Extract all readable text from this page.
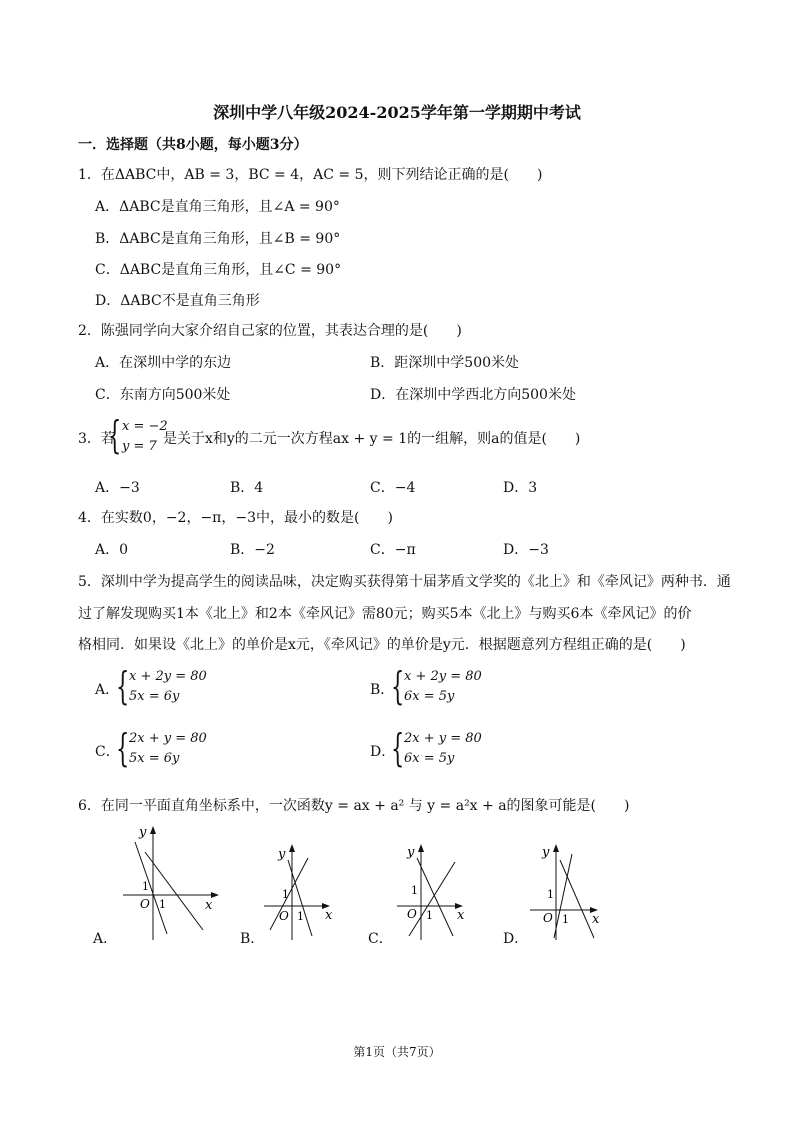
深圳中学八年级2024-2025学年第一学期期中考试
一．选择题（共8小题，每小题3分）
1．在ΔABC中，AB = 3，BC = 4，AC = 5，则下列结论正确的是(　　)
A．ΔABC是直角三角形，且∠A = 90°
B．ΔABC是直角三角形，且∠B = 90°
C．ΔABC是直角三角形，且∠C = 90°
D．ΔABC不是直角三角形
2．陈强同学向大家介绍自己家的位置，其表达合理的是(　　)
A．在深圳中学的东边	B．距深圳中学500米处
C．东南方向500米处	D．在深圳中学西北方向500米处
3．若
{ x = −2
y = 7 是关于x和y的二元一次方程ax + y = 1的一组解，则a的值是(　　)
A．−3	B．4	C．−4	D．3
4．在实数0，−2，−π，−3中，最小的数是(　　)
A．0	B．−2	C．−π	D．−3
5．深圳中学为提高学生的阅读品味，决定购买获得第十届茅盾文学奖的《北上》和《牵风记》两种书．通
过了解发现购买1本《北上》和2本《牵风记》需80元；购买5本《北上》与购买6本《牵风记》的价
格相同．如果设《北上》的单价是x元，《牵风记》的单价是y元．根据题意列方程组正确的是(　　)
A．
{ x + 2y = 80
5x = 6y	B．
{ x + 2y = 80
6x = 5y
C．
{ 2x + y = 80
5x = 6y	D．
{ 2x + y = 80
6x = 5y
6．在同一平面直角坐标系中，一次函数y = ax + a² 与 y = a²x + a的图象可能是(　　)
A．
y
x
O
1
1
B．
y
x
O
1
1
C．
y
x
O
1
1
D．
y
x
O
1
1
第1页（共7页）
